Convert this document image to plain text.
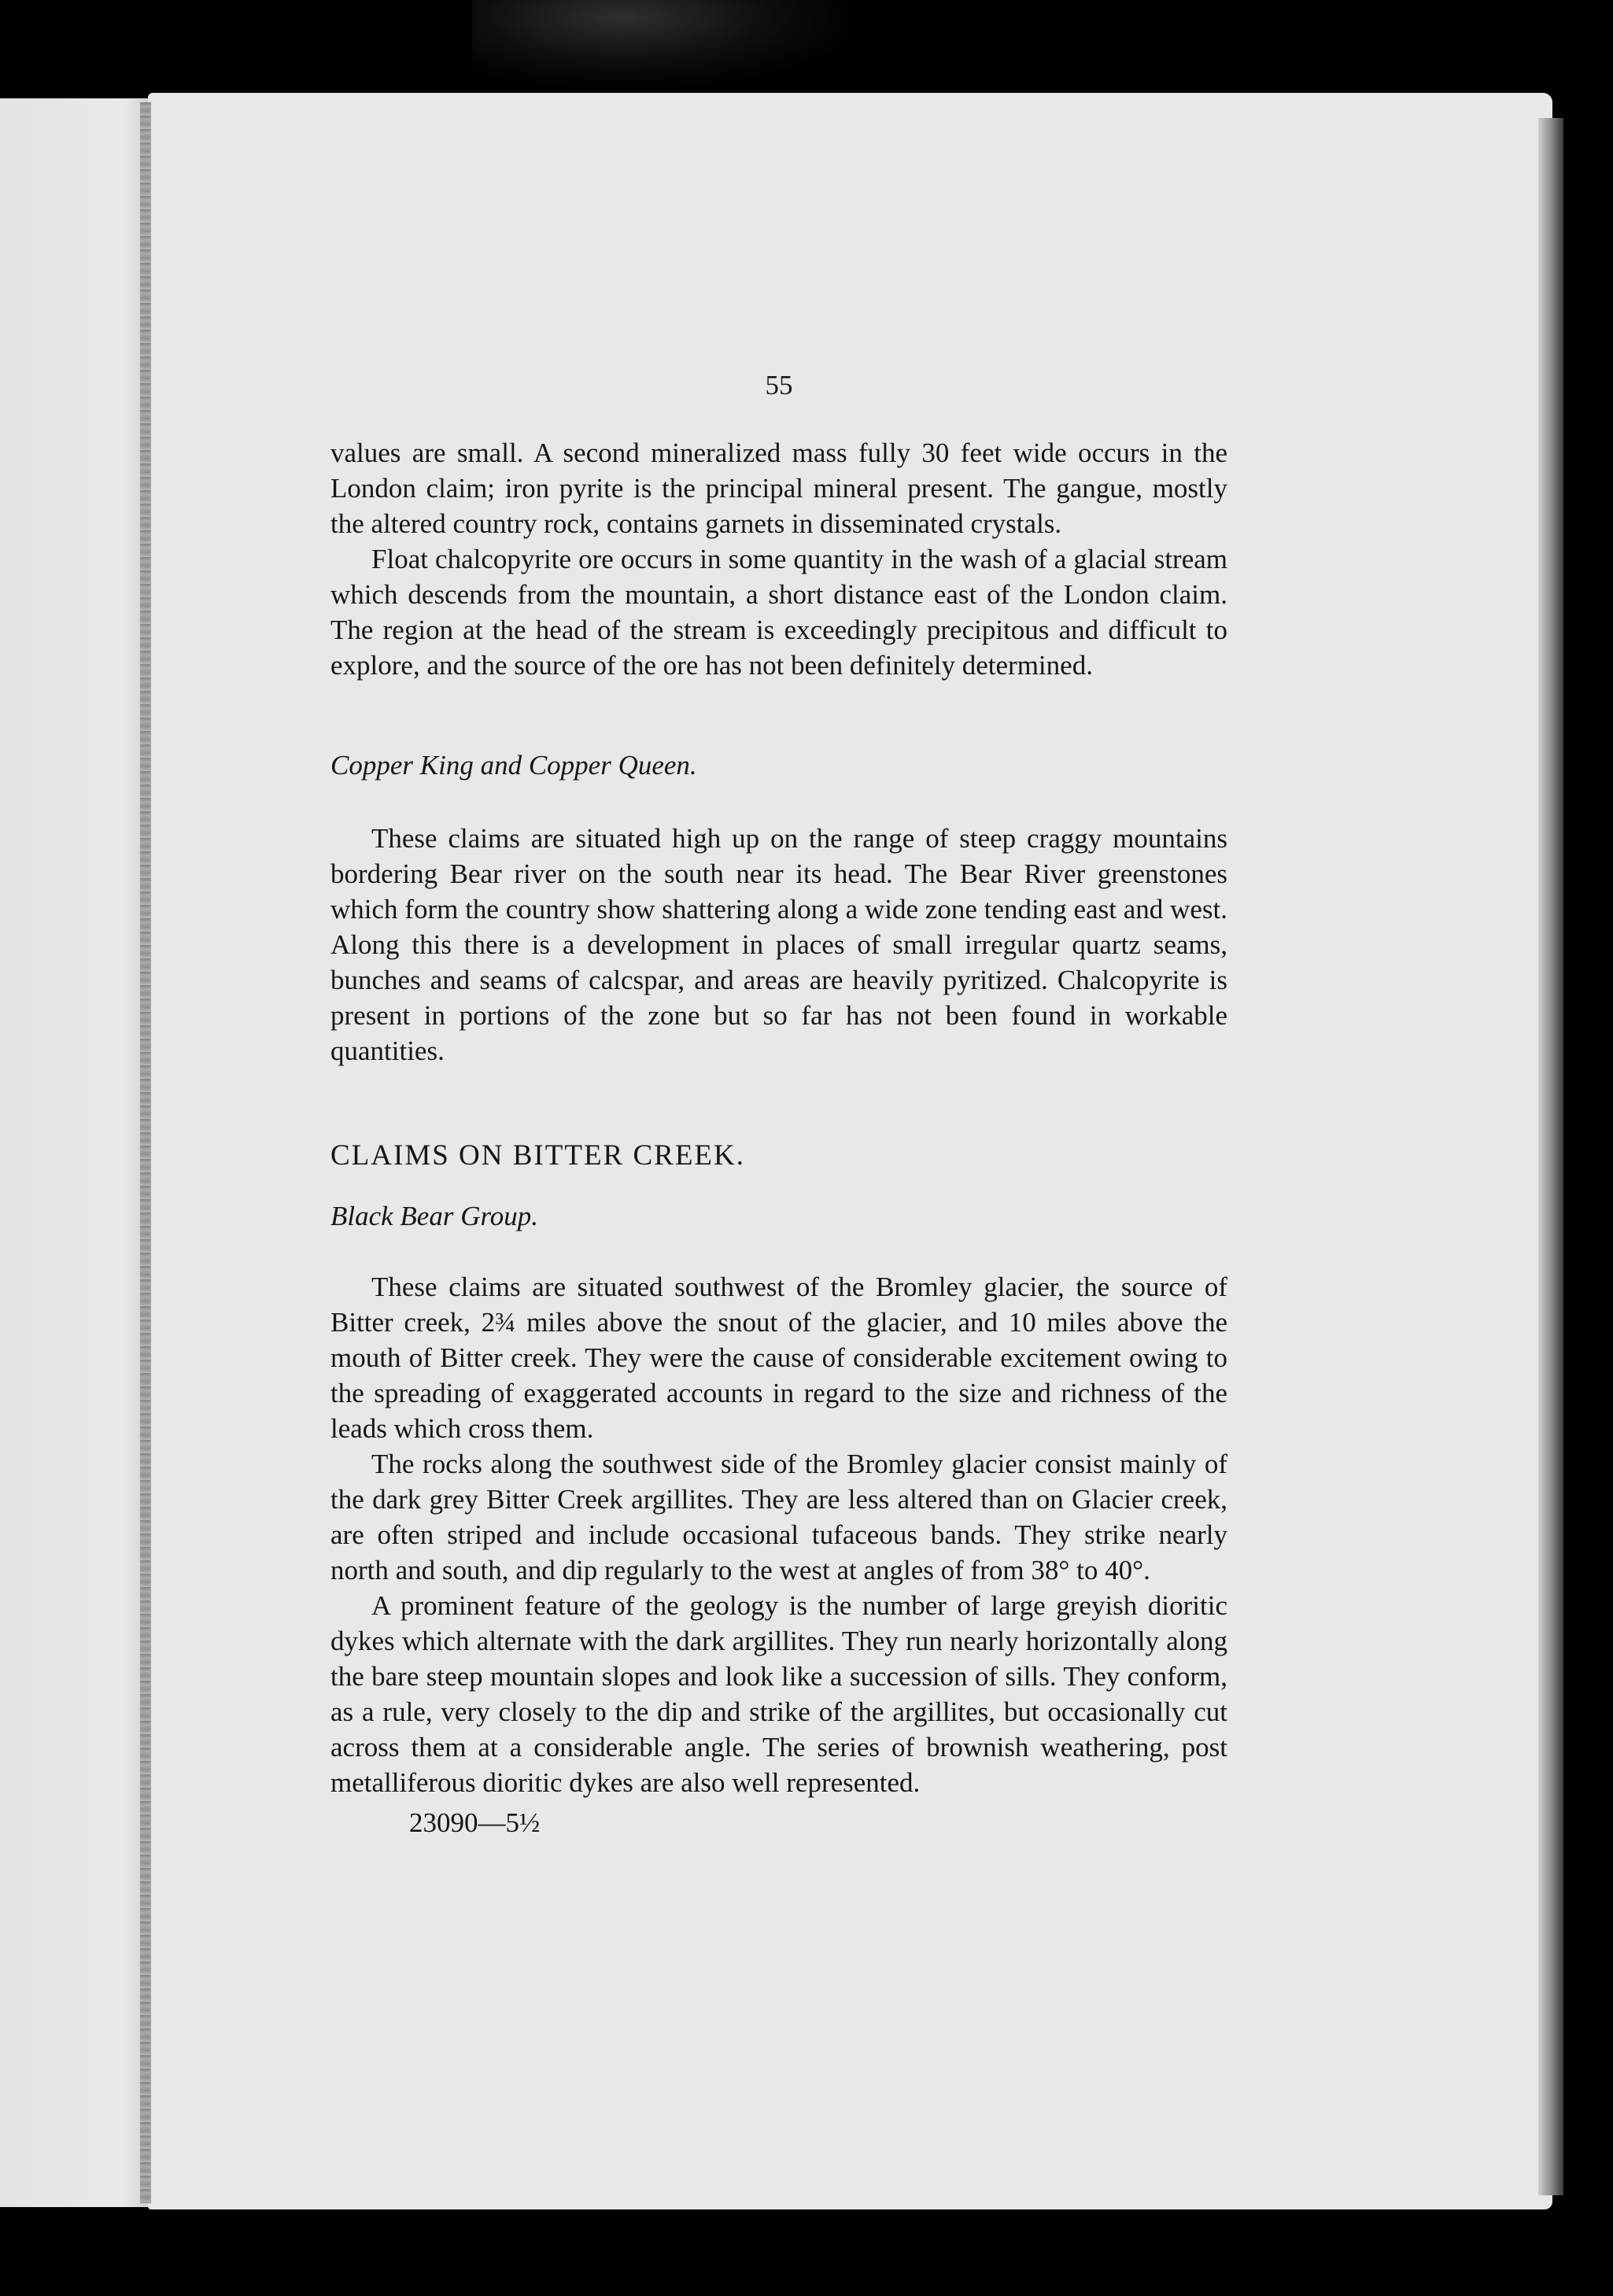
55

values are small. A second mineralized mass fully 30 feet wide occurs in the London claim; iron pyrite is the principal mineral present. The gangue, mostly the altered country rock, contains garnets in disseminated crystals.

Float chalcopyrite ore occurs in some quantity in the wash of a glacial stream which descends from the mountain, a short distance east of the London claim. The region at the head of the stream is exceedingly precipitous and difficult to explore, and the source of the ore has not been definitely determined.

Copper King and Copper Queen.

These claims are situated high up on the range of steep craggy mountains bordering Bear river on the south near its head. The Bear River greenstones which form the country show shattering along a wide zone tending east and west. Along this there is a development in places of small irregular quartz seams, bunches and seams of calcspar, and areas are heavily pyritized. Chalcopyrite is present in portions of the zone but so far has not been found in workable quantities.

CLAIMS ON BITTER CREEK.

Black Bear Group.

These claims are situated southwest of the Bromley glacier, the source of Bitter creek, 2¾ miles above the snout of the glacier, and 10 miles above the mouth of Bitter creek. They were the cause of considerable excitement owing to the spreading of exaggerated accounts in regard to the size and richness of the leads which cross them.

The rocks along the southwest side of the Bromley glacier consist mainly of the dark grey Bitter Creek argillites. They are less altered than on Glacier creek, are often striped and include occasional tufaceous bands. They strike nearly north and south, and dip regularly to the west at angles of from 38° to 40°.

A prominent feature of the geology is the number of large greyish dioritic dykes which alternate with the dark argillites. They run nearly horizontally along the bare steep mountain slopes and look like a succession of sills. They conform, as a rule, very closely to the dip and strike of the argillites, but occasionally cut across them at a considerable angle. The series of brownish weathering, post metalliferous dioritic dykes are also well represented.

23090—5½
